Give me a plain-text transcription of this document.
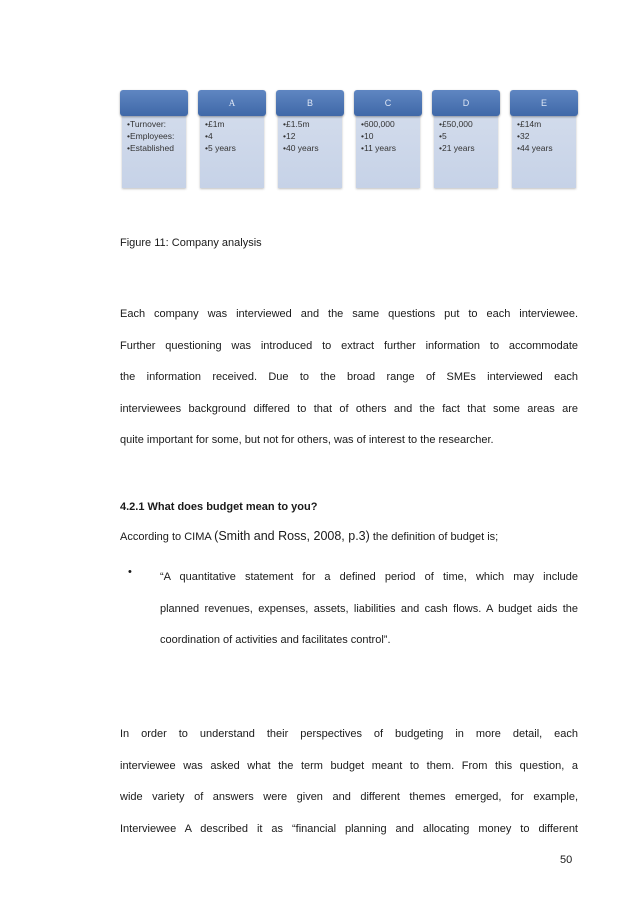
•Turnover:
•Employees:
•Established
A
•£1m
•4
•5 years
B
•£1.5m
•12
•40 years
C
•600,000
•10
•11 years
D
•£50,000
•5
•21 years
E
•£14m
•32
•44 years
Figure 11: Company analysis
Each company was interviewed and the same questions put to each interviewee.
Further questioning was introduced to extract further information to accommodate
the information received. Due to the broad range of SMEs interviewed each
interviewees background differed to that of others and the fact that some areas are
quite important for some, but not for others, was of interest to the researcher.
4.2.1 What does budget mean to you?
According to CIMA (Smith and Ross, 2008, p.3) the definition of budget is;
•	“A quantitative statement for a defined period of time, which may include
planned revenues, expenses, assets, liabilities and cash flows. A budget aids the
coordination of activities and facilitates control”.
In order to understand their perspectives of budgeting in more detail, each
interviewee was asked what the term budget meant to them. From this question, a
wide variety of answers were given and different themes emerged, for example,
Interviewee A described it as “financial planning and allocating money to different
50
